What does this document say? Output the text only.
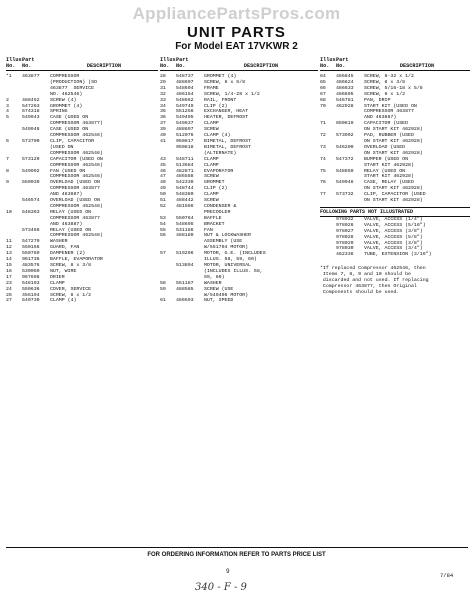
AppliancePartsPros.com
UNIT PARTS
For Model EAT 17VKWR 2
Illus.
No.
Part
No.	DESCRIPTION
*1	463877	COMPRESSOR
(PRODUCTION) (SO
463877  SERVICE
NO. 462546)
2	488452	SCREW (4)
3	547263	GROMMET (4)
4	574318	SPRING
5	549943	CASE (USED ON
COMPRESSOR 463877)
549948	CASE (USED ON
COMPRESSOR 462546)
6	573700	CLIP, CAPACITOR
(USED ON
COMPRESSOR 462546)
7	573129	CAPACITOR (USED ON
COMPRESSOR 462546)
8	549992	FAN (USED ON
COMPRESSOR 462546)
9	550039	OVERLOAD (USED ON
COMPRESSOR 463877
AND 463887)
546574	OVERLOAD (USED ON
COMPRESSOR 462546)
10	548363	RELAY (USED ON
COMPRESSOR 463877
AND 463887)
573466	RELAY (USED ON
COMPRESSOR 462546)
11	547279	WASHER
12	550156	GUARD, FAN
13	550769	DAMPENER (2)
14	961736	BAFFLE, EVAPORATOR
15	483576	SCREW, 8 x 3/8
16	530060	NUT, WIRE
17	967698	DRIER
23	548193	CLAMP
24	550636	COVER, SERVICE
26	456194	SCREW, 8 x 1/2
27	549730	CLAMP (4)
Illus.
No.
Part
No.	DESCRIPTION
28	548737	GROMMET (4)
29	488697	SCREW, 8 x 5/8
31	548694	FRAME
32	486154	SCREW, 1/4-28 x 1/2
33	548662	RAIL, FRONT
34	549749	CLIP (2)
35	551256	EXCHANGER, HEAT
36	549495	HEATER, DEFROST
37	549637	CLAMP
39	488697	SCREW
40	512076	CLAMP (4)
41	950817	BIMETAL, DEFROST
950818	BIMETAL, DEFROST
(ALTERNATE)
43	548711	CLAMP
45	513684	CLAMP
46	482871	EVAPORATOR
47	486588	SCREW
48	542339	GROMMET
49	548744	CLIP (2)
50	548380	CLAMP
51	488442	SCREW
52	481566	CONDENSER &
PRECOOLER
53	550764	BAFFLE
54	548695	BRACKET
55	531186	FAN
56	488180	NUT & LOCKWASHER
ASSEMBLY (USE
W/551794 MOTOR)
57	519296	MOTOR, G.E. (INCLUDES
ILLUS. 58, 59, 60)
513894	MOTOR, UNIVERSAL
(INCLUDES ILLUS. 58,
59, 60)
58	551187	WASHER
59	488565	SCREW (USE
W/549496 MOTOR)
61	486693	NUT, SPEED
Illus.
No.
Part
No.	DESCRIPTION
64	486845	SCREW, 8-32 x 1/2
65	486624	SCREW, 8 x 3/8
66	486633	SCREW, 5/16-18 x 5/8
67	486695	SCREW, 8 x 1/2
68	546781	PAN, DRIP
70	462928	START KIT (USED ON
COMPRESSOR 463877
AND 463887)
71	850619	CAPACITOR (USED
ON START KIT 462928)
72	573992	PAD, RUBBER (USED
ON START KIT 462928)
73	546200	OVERLOAD (USED
ON START KIT 462928)
74	547372	BUMPER (USED ON
START KIT 462928)
75	548850	RELAY (USED ON
START KIT 462928)
76	549946	CASE, RELAY (USED
ON START KIT 462928)
77	573732	CLIP, CAPACITOR (USED
ON START KIT 462928)
FOLLOWING PARTS NOT ILLUSTRATED
978032	VALVE, ACCESS (1/4")
978026	VALVE, ACCESS (5/16")
978027	VALVE, ACCESS (3/8")
978028	VALVE, ACCESS (5/8")
978029	VALVE, ACCESS (3/8")
978030	VALVE, ACCESS (3/4")
462336	TUBE, EXTENSION (3/16")
*If replaced Compressor 462546, then
Items 7, 8, 9 and 10 should be
discarded and not used. If replacing
Compressor 463877, then Original
Components should be used.
FOR ORDERING INFORMATION REFER TO PARTS PRICE LIST
9
7/84
340 - F - 9
